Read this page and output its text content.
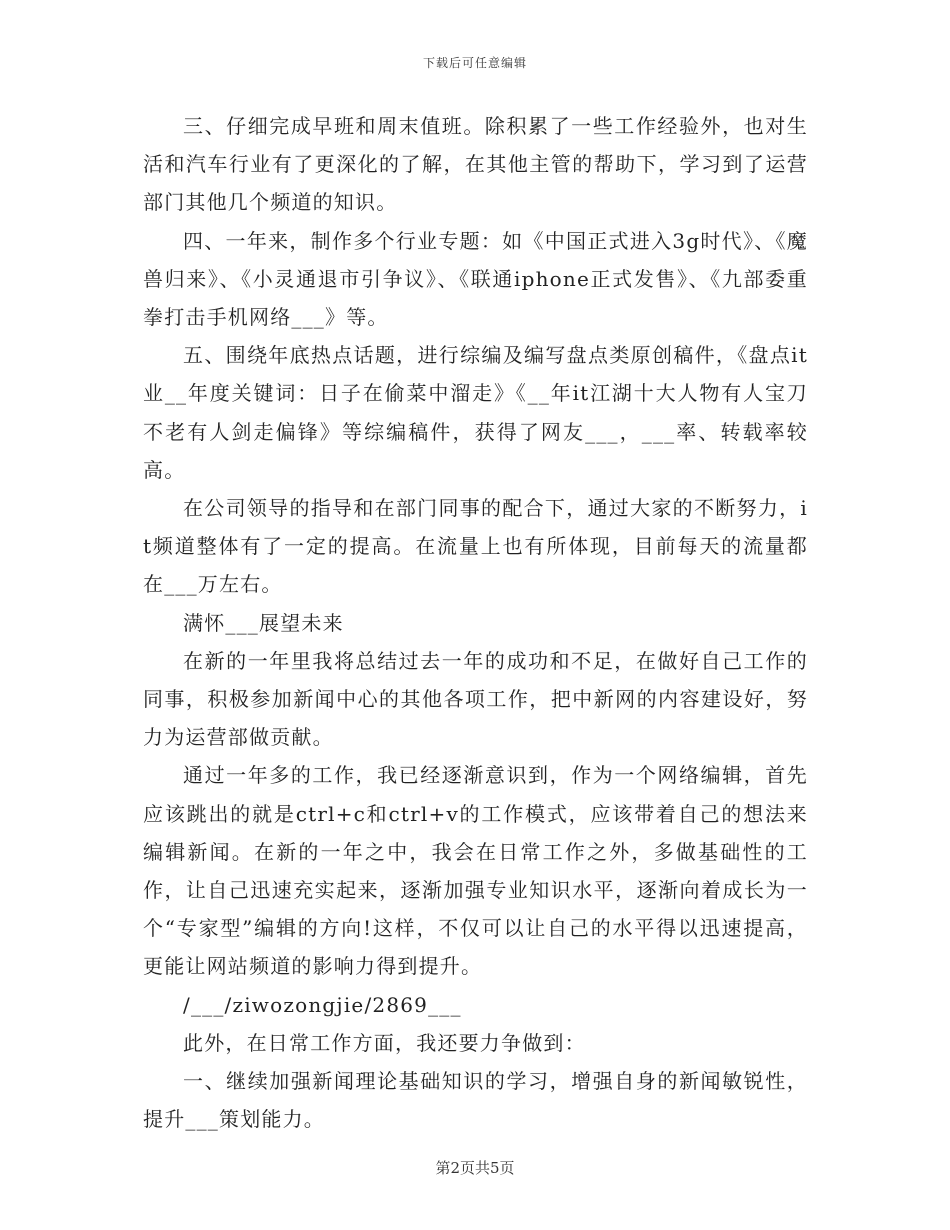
下载后可任意编辑

三、仔细完成早班和周末值班。除积累了一些工作经验外，也对生活和汽车行业有了更深化的了解，在其他主管的帮助下，学习到了运营部门其他几个频道的知识。

四、一年来，制作多个行业专题：如《中国正式进入3g时代》、《魔兽归来》、《小灵通退市引争议》、《联通iphone正式发售》、《九部委重拳打击手机网络___》等。

五、围绕年底热点话题，进行综编及编写盘点类原创稿件，《盘点it业__年度关键词：日子在偷菜中溜走》《__年it江湖十大人物有人宝刀不老有人剑走偏锋》等综编稿件，获得了网友___，___率、转载率较高。

在公司领导的指导和在部门同事的配合下，通过大家的不断努力，it频道整体有了一定的提高。在流量上也有所体现，目前每天的流量都在___万左右。

满怀___展望未来

在新的一年里我将总结过去一年的成功和不足，在做好自己工作的同事，积极参加新闻中心的其他各项工作，把中新网的内容建设好，努力为运营部做贡献。

通过一年多的工作，我已经逐渐意识到，作为一个网络编辑，首先应该跳出的就是ctrl+c和ctrl+v的工作模式，应该带着自己的想法来编辑新闻。在新的一年之中，我会在日常工作之外，多做基础性的工作，让自己迅速充实起来，逐渐加强专业知识水平，逐渐向着成长为一个“专家型”编辑的方向!这样，不仅可以让自己的水平得以迅速提高，更能让网站频道的影响力得到提升。

/___/ziwozongjie/2869___

此外，在日常工作方面，我还要力争做到：

一、继续加强新闻理论基础知识的学习，增强自身的新闻敏锐性，提升___策划能力。

第2页共5页
